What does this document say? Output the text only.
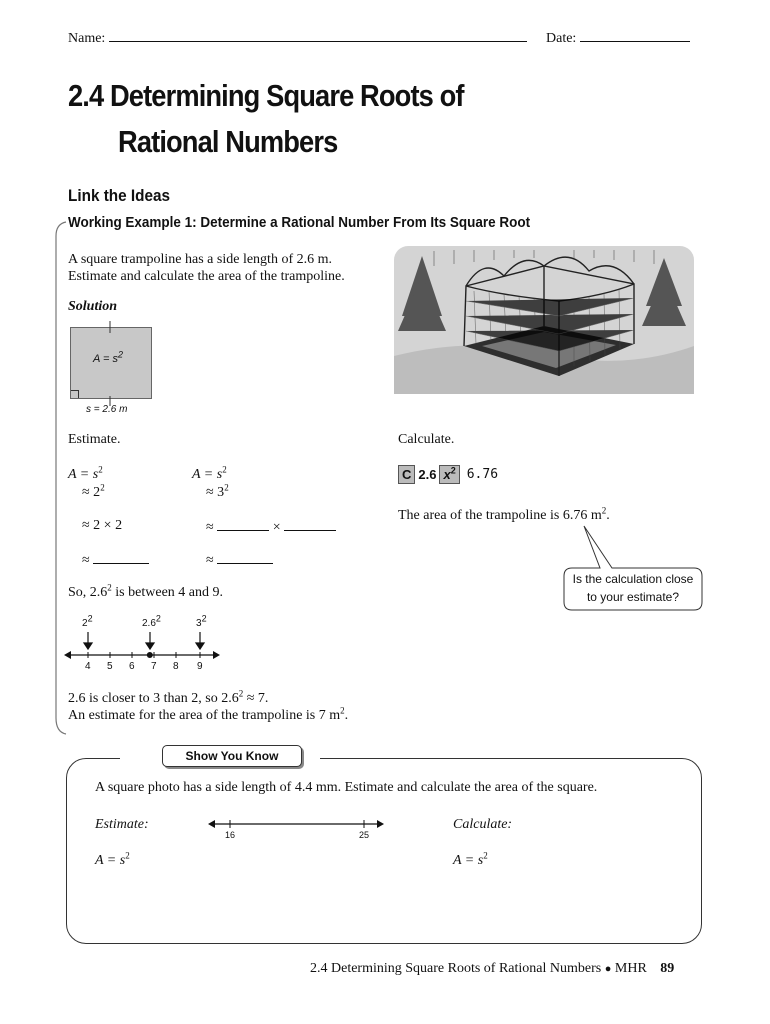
Name:	Date:
2.4 Determining Square Roots of
Rational Numbers
Link the Ideas
Working Example 1: Determine a Rational Number From Its Square Root
A square trampoline has a side length of 2.6 m.
Estimate and calculate the area of the trampoline.
Solution
$A = s^2$
s = 2.6 m
Estimate.
$A = s^2$
≈ $2^2$
≈ 2 × 2
≈
$A = s^2$
≈ $3^2$
≈	×
≈
So, $2.6^2$ is between 4 and 9.
$2^2$	$2.6^2$	$3^2$
4 5 6 7 8 9
2.6 is closer to 3 than 2, so $2.6^2 \approx 7$.
An estimate for the area of the trampoline is 7 $m^2$.
Calculate.
C 2.6 $x^2$ 6.76
The area of the trampoline is 6.76 $m^2$.
Is the calculation close
to your estimate?
Show You Know
A square photo has a side length of 4.4 mm. Estimate and calculate the area of the square.
Estimate:	Calculate:
16	25
$A = s^2$	$A = s^2$
2.4 Determining Square Roots of Rational Numbers ● MHR 89
